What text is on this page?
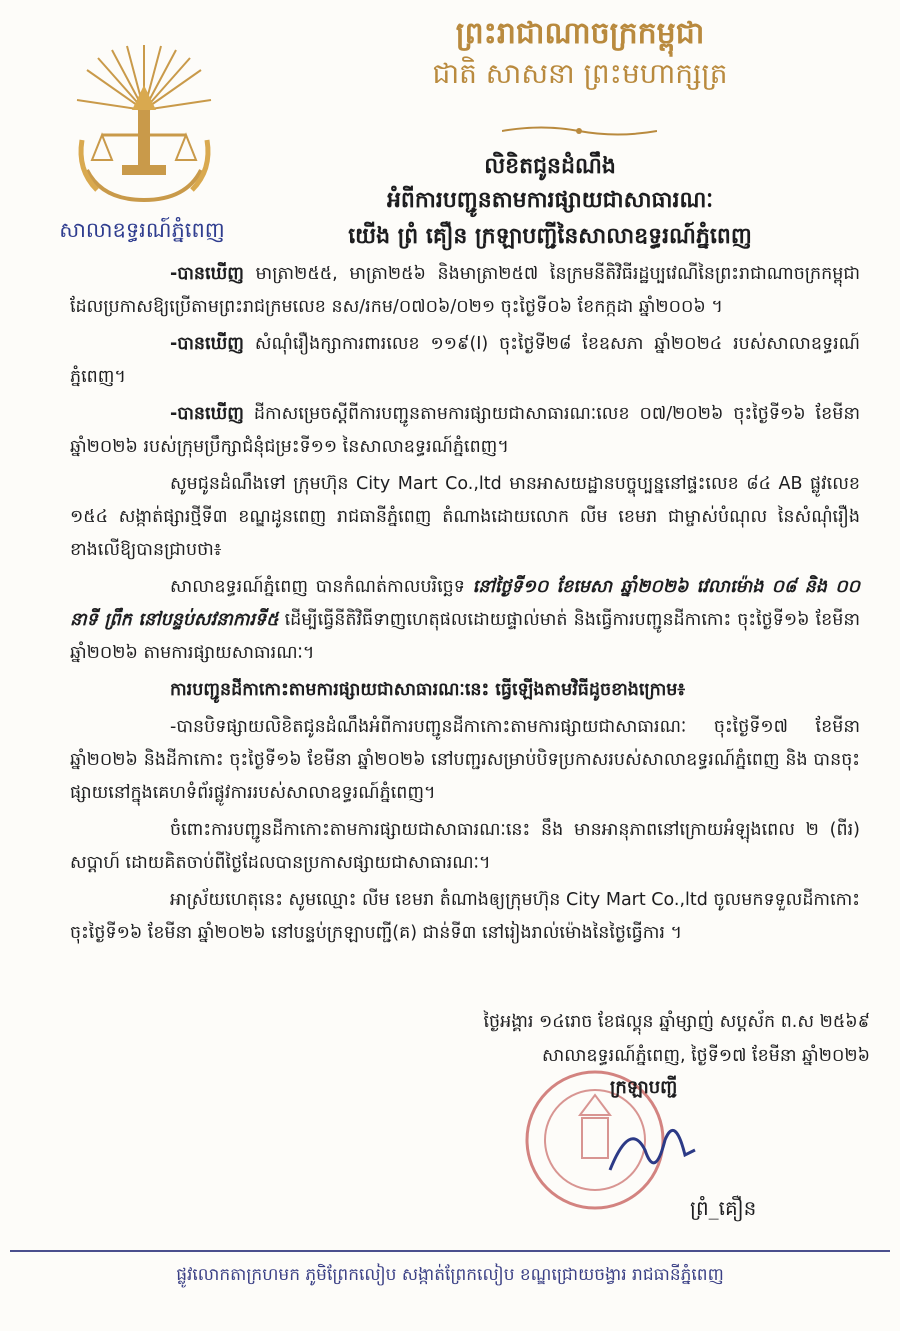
សាលាឧទ្ធរណ៍ភ្នំពេញ
ព្រះរាជាណាចក្រកម្ពុជា
ជាតិ សាសនា ព្រះមហាក្សត្រ
លិខិតជូនដំណឹង
អំពីការបញ្ជូនតាមការផ្សាយជាសាធារណៈ
យើង ព្រំ គឿន ក្រឡាបញ្ជីនៃសាលាឧទ្ធរណ៍ភ្នំពេញ

-បានឃើញ មាត្រា២៥៥, មាត្រា២៥៦ និងមាត្រា២៥៧ នៃក្រមនីតិវិធីរដ្ឋប្បវេណីនៃព្រះរាជាណាចក្រកម្ពុជា ដែលប្រកាសឱ្យប្រើតាមព្រះរាជក្រមលេខ នស/រកម/០៧០៦/០២១ ចុះថ្ងៃទី០៦ ខែកក្កដា ឆ្នាំ២០០៦ ។

-បានឃើញ សំណុំរឿងក្សាការពារលេខ ១១៩(I) ចុះថ្ងៃទី២៨ ខែឧសភា ឆ្នាំ២០២៤ របស់សាលាឧទ្ធរណ៍ភ្នំពេញ។

-បានឃើញ ដីកាសម្រេចស្ដីពីការបញ្ជូនតាមការផ្សាយជាសាធារណៈលេខ ០៧/២០២៦ ចុះថ្ងៃទី១៦ ខែមីនា ឆ្នាំ២០២៦ របស់ក្រុមប្រឹក្សាជំនុំជម្រះទី១១ នៃសាលាឧទ្ធរណ៍ភ្នំពេញ។

សូមជូនដំណឹងទៅ ក្រុមហ៊ុន City Mart Co.,ltd មានអាសយដ្ឋានបច្ចុប្បន្ននៅផ្ទះលេខ ៨៤ AB ផ្លូវលេខ ១៥៤ សង្កាត់ផ្សារថ្មីទី៣ ខណ្ឌដូនពេញ រាជធានីភ្នំពេញ តំណាងដោយលោក លីម ខេមរា ជាម្ចាស់បំណុល នៃសំណុំរឿងខាងលើឱ្យបានជ្រាបថា៖

សាលាឧទ្ធរណ៍ភ្នំពេញ បានកំណត់កាលបរិច្ឆេទ នៅថ្ងៃទី១០ ខែមេសា ឆ្នាំ២០២៦ វេលាម៉ោង ០៨ និង ០០ នាទី ព្រឹក នៅបន្ទប់សវនាការទី៥ ដើម្បីធ្វើនីតិវិធីទាញហេតុផលដោយផ្ទាល់មាត់ និងធ្វើការបញ្ជូនដីកាកោះ ចុះថ្ងៃទី១៦ ខែមីនា ឆ្នាំ២០២៦ តាមការផ្សាយសាធារណៈ។

ការបញ្ជូនដីកាកោះតាមការផ្សាយជាសាធារណៈនេះ ធ្វើឡើងតាមវិធីដូចខាងក្រោម៖

-បានបិទផ្សាយលិខិតជូនដំណឹងអំពីការបញ្ជូនដីកាកោះតាមការផ្សាយជាសាធារណៈ ចុះថ្ងៃទី១៧ ខែមីនា ឆ្នាំ២០២៦ និងដីកាកោះ ចុះថ្ងៃទី១៦ ខែមីនា ឆ្នាំ២០២៦ នៅបញ្ជរសម្រាប់បិទប្រកាសរបស់សាលាឧទ្ធរណ៍ភ្នំពេញ និង បានចុះផ្សាយនៅក្នុងគេហទំព័រផ្លូវការរបស់សាលាឧទ្ធរណ៍ភ្នំពេញ។

ចំពោះការបញ្ជូនដីកាកោះតាមការផ្សាយជាសាធារណៈនេះ នឹង មានអានុភាពនៅក្រោយអំឡុងពេល ២ (ពីរ) សប្ដាហ៍ ដោយគិតចាប់ពីថ្ងៃដែលបានប្រកាសផ្សាយជាសាធារណៈ។

អាស្រ័យហេតុនេះ សូមឈ្មោះ លីម ខេមរា តំណាងឲ្យក្រុមហ៊ុន City Mart Co.,ltd ចូលមកទទួលដីកាកោះ ចុះថ្ងៃទី១៦ ខែមីនា ឆ្នាំ២០២៦ នៅបន្ទប់ក្រឡាបញ្ជី(គ) ជាន់ទី៣ នៅរៀងរាល់ម៉ោងនៃថ្ងៃធ្វើការ ។

ថ្ងៃអង្គារ ១៤រោច ខែផល្គុន ឆ្នាំម្សាញ់ សប្ដស័ក ព.ស ២៥៦៩
សាលាឧទ្ធរណ៍ភ្នំពេញ, ថ្ងៃទី១៧ ខែមីនា ឆ្នាំ២០២៦
ក្រឡាបញ្ជី
ព្រំ_គឿន
ផ្លូវលោកតាក្រហមក ភូមិព្រែកលៀប សង្កាត់ព្រែកលៀប ខណ្ឌជ្រោយចង្វារ រាជធានីភ្នំពេញ
